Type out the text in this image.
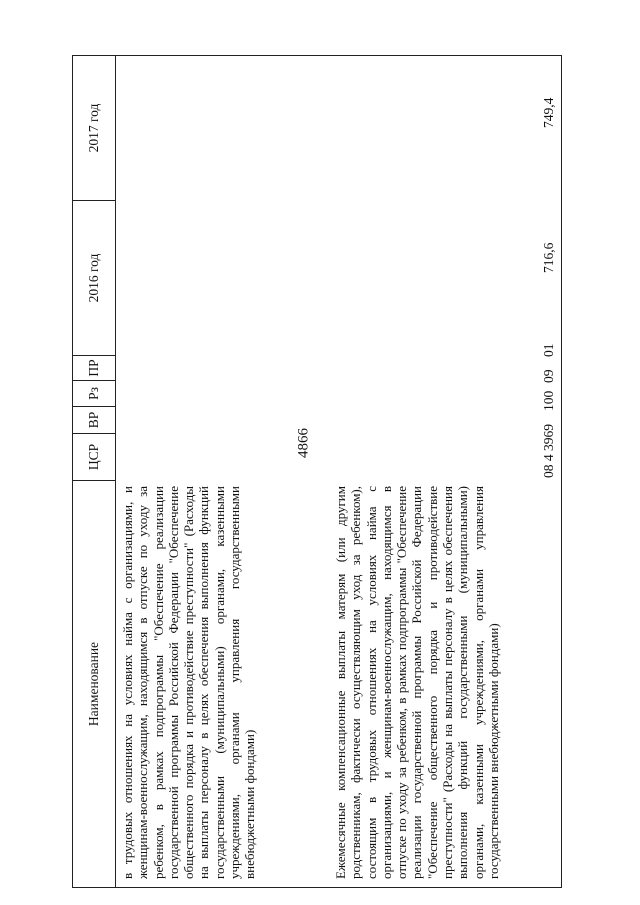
4866
Наименование
ЦСР
ВР
Рз
ПР
2016 год
2017 год
в трудовых отношениях на условиях найма с организациями, и женщинам-военнослужащим, находящимся в отпуске по уходу за ребенком, в рамках подпрограммы "Обеспечение реализации государственной программы Российской Федерации "Обеспечение общественного порядка и противодействие преступности" (Расходы на выплаты персоналу в целях обеспечения выполнения функций государственными (муниципальными) органами, казенными учреждениями, органами управления государственными внебюджетными фондами)	Ежемесячные компенсационные выплаты матерям (или другим родственникам, фактически осуществляющим уход за ребенком), состоящим в трудовых отношениях на условиях найма с организациями, и женщинам-военнослужащим, находящимся в отпуске по уходу за ребенком, в рамках подпрограммы "Обеспечение реализации государственной программы Российской Федерации "Обеспечение общественного порядка и противодействие преступности" (Расходы на выплаты персоналу в целях обеспечения выполнения функций государственными (муниципальными) органами, казенными учреждениями, органами управления государственными внебюджетными фондами)
08 4 3969
100
09
01
716,6
749,4
